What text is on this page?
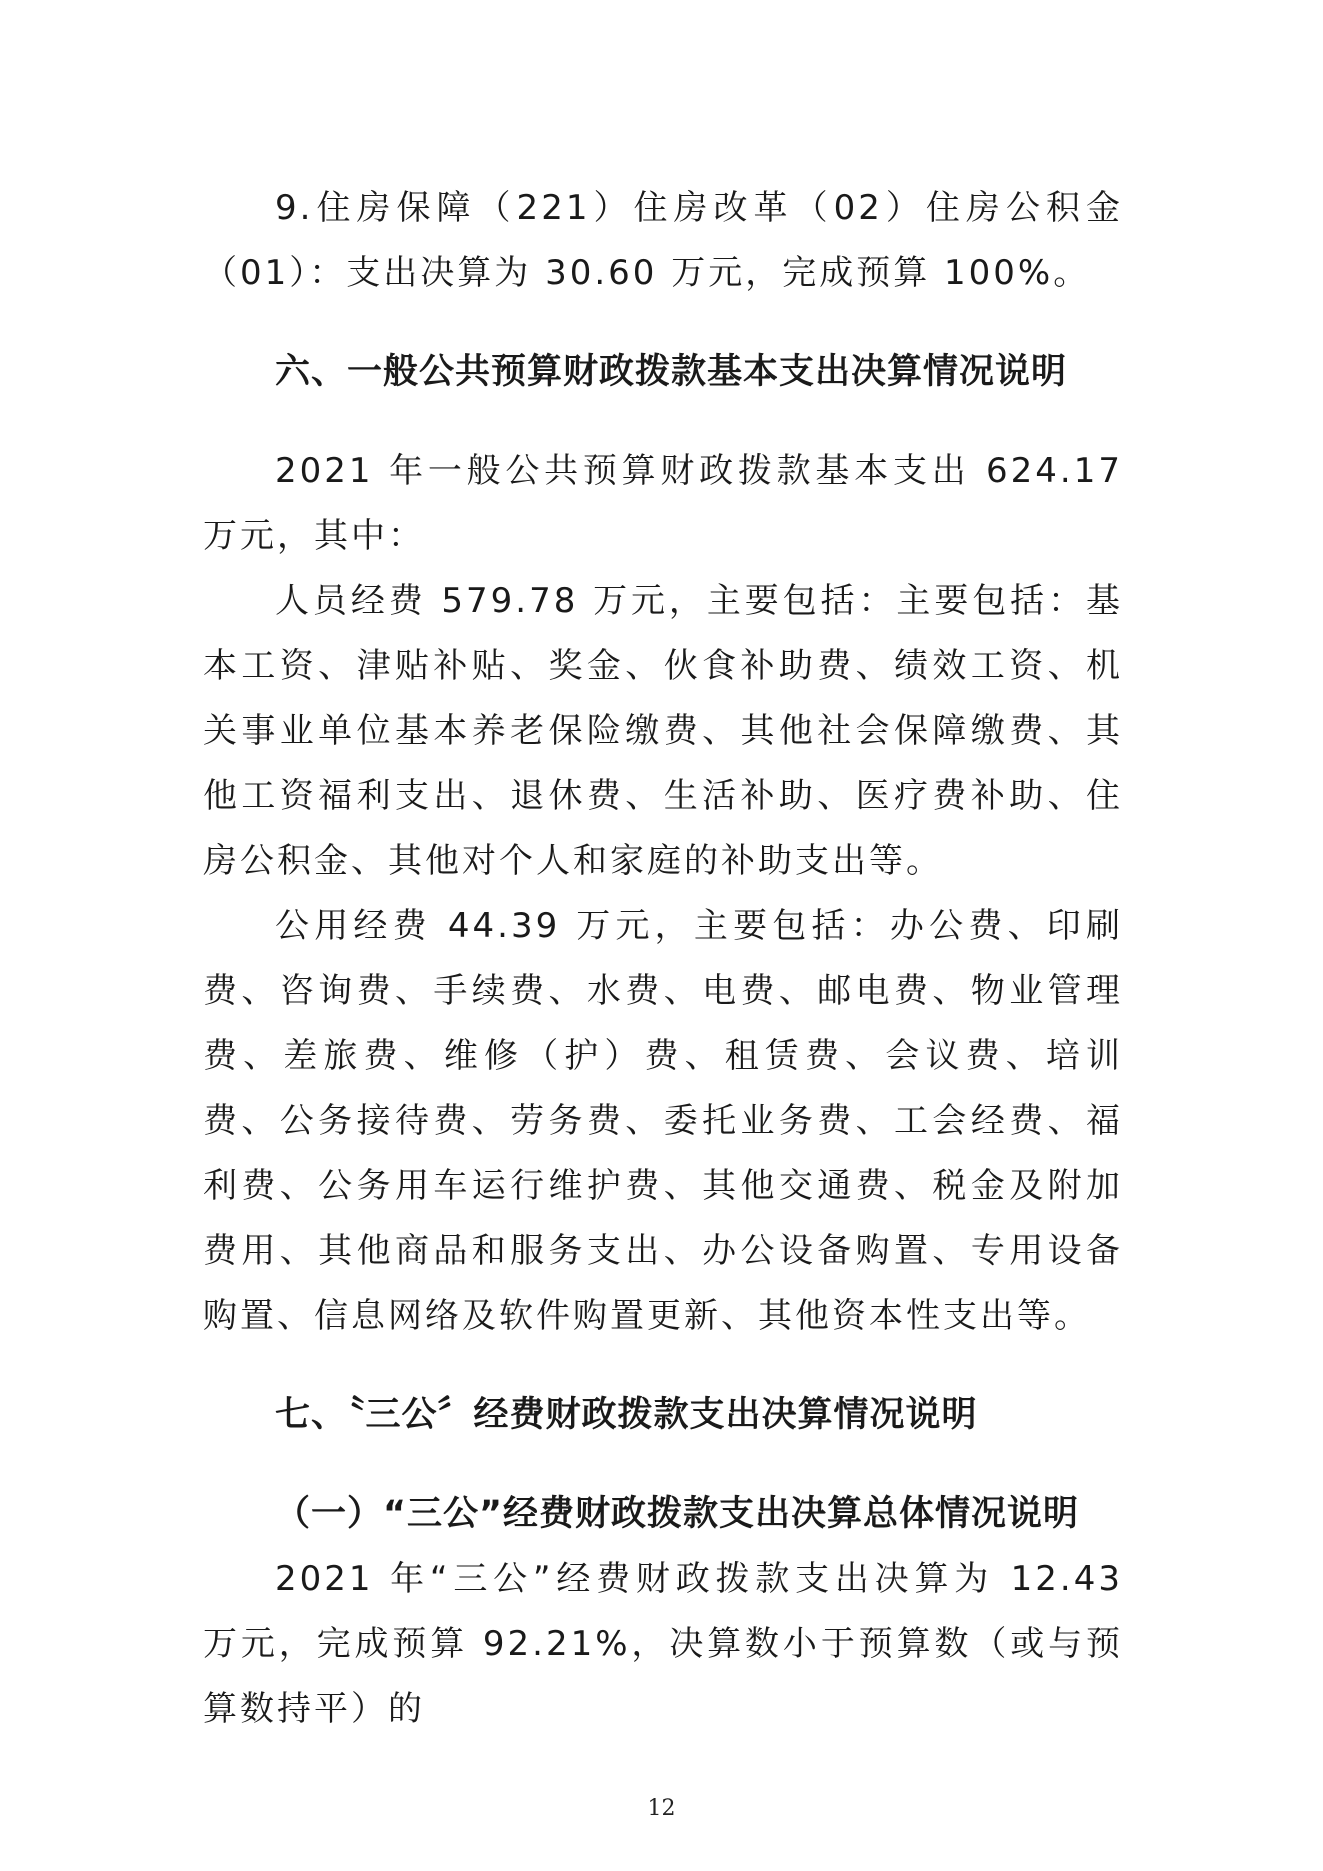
9.住房保障（221）住房改革（02）住房公积金（01）：支出决算为 30.60 万元，完成预算 100%。

六、一般公共预算财政拨款基本支出决算情况说明

2021 年一般公共预算财政拨款基本支出 624.17 万元，其中：

人员经费 579.78 万元，主要包括：主要包括：基本工资、津贴补贴、奖金、伙食补助费、绩效工资、机关事业单位基本养老保险缴费、其他社会保障缴费、其他工资福利支出、退休费、生活补助、医疗费补助、住房公积金、其他对个人和家庭的补助支出等。

公用经费 44.39 万元，主要包括：办公费、印刷费、咨询费、手续费、水费、电费、邮电费、物业管理费、差旅费、维修（护）费、租赁费、会议费、培训费、公务接待费、劳务费、委托业务费、工会经费、福利费、公务用车运行维护费、其他交通费、税金及附加费用、其他商品和服务支出、办公设备购置、专用设备购置、信息网络及软件购置更新、其他资本性支出等。

七、〝三公〞经费财政拨款支出决算情况说明

（一）“三公”经费财政拨款支出决算总体情况说明

2021 年“三公”经费财政拨款支出决算为 12.43 万元，完成预算 92.21%，决算数小于预算数（或与预算数持平）的

12
